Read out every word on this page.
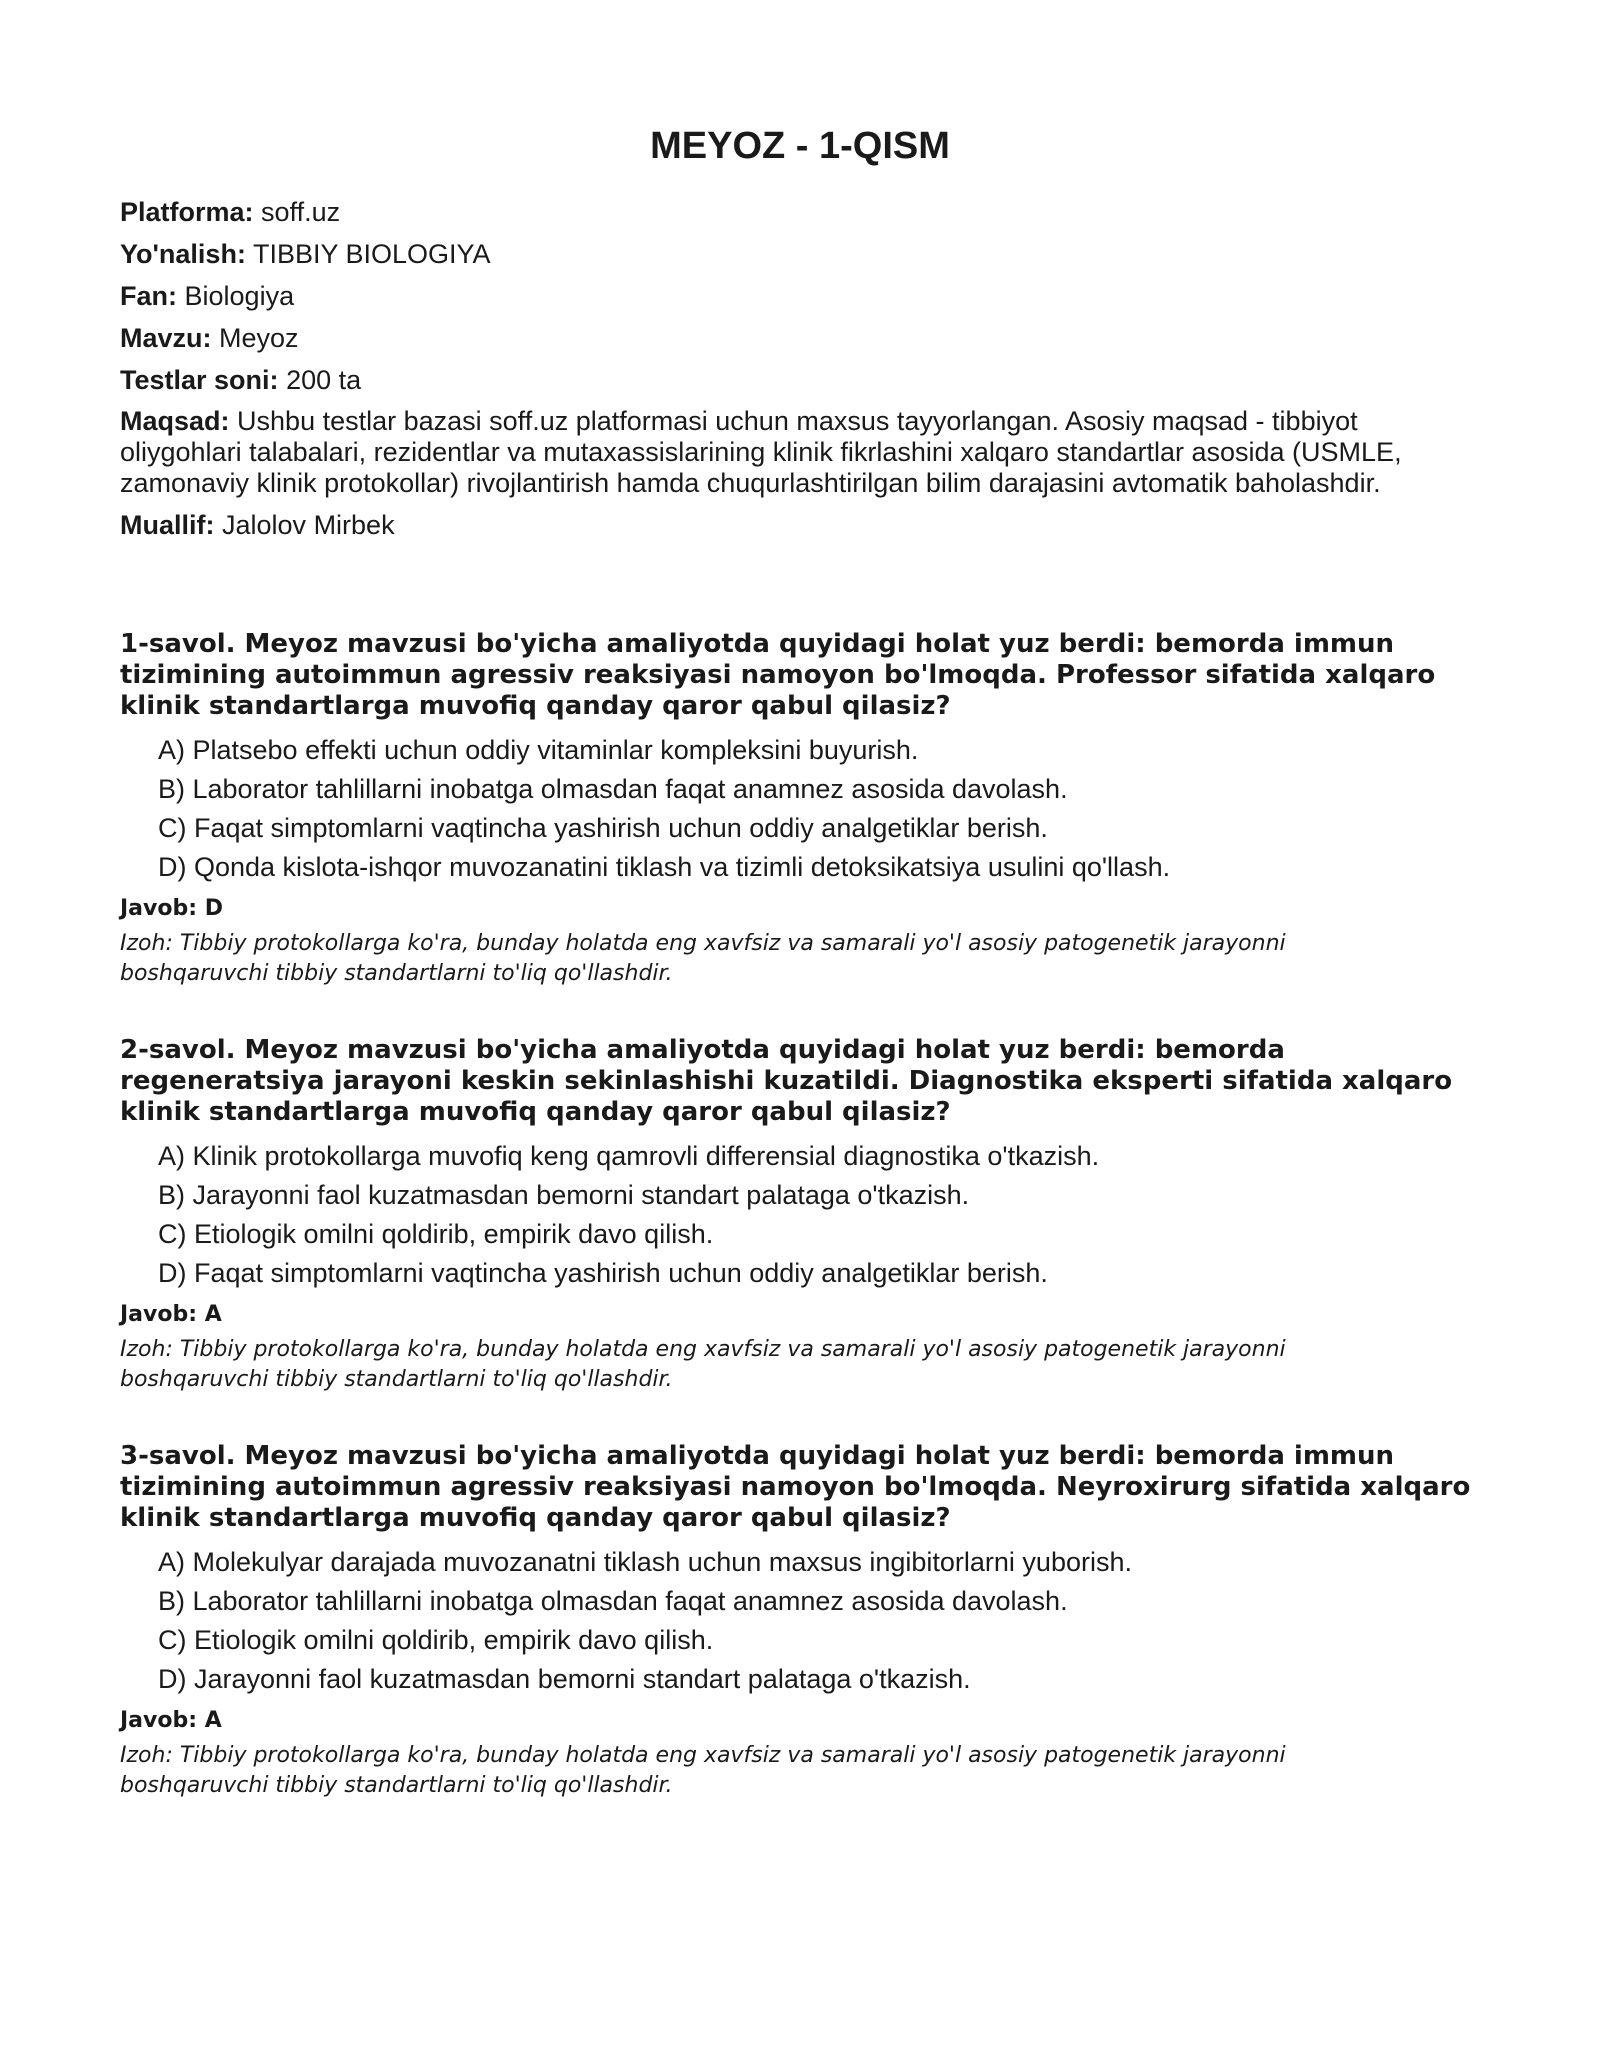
MEYOZ - 1-QISM

Platforma: soff.uz

Yo'nalish: TIBBIY BIOLOGIYA

Fan: Biologiya

Mavzu: Meyoz

Testlar soni: 200 ta

Maqsad: Ushbu testlar bazasi soff.uz platformasi uchun maxsus tayyorlangan. Asosiy maqsad - tibbiyot oliygohlari talabalari, rezidentlar va mutaxassislarining klinik fikrlashini xalqaro standartlar asosida (USMLE, zamonaviy klinik protokollar) rivojlantirish hamda chuqurlashtirilgan bilim darajasini avtomatik baholashdir.

Muallif: Jalolov Mirbek

1-savol. Meyoz mavzusi bo'yicha amaliyotda quyidagi holat yuz berdi: bemorda immun tizimining autoimmun agressiv reaksiyasi namoyon bo'lmoqda. Professor sifatida xalqaro klinik standartlarga muvofiq qanday qaror qabul qilasiz?

A) Platsebo effekti uchun oddiy vitaminlar kompleksini buyurish.
B) Laborator tahlillarni inobatga olmasdan faqat anamnez asosida davolash.
C) Faqat simptomlarni vaqtincha yashirish uchun oddiy analgetiklar berish.
D) Qonda kislota-ishqor muvozanatini tiklash va tizimli detoksikatsiya usulini qo'llash.

Javob: D

Izoh: Tibbiy protokollarga ko'ra, bunday holatda eng xavfsiz va samarali yo'l asosiy patogenetik jarayonni boshqaruvchi tibbiy standartlarni to'liq qo'llashdir.

2-savol. Meyoz mavzusi bo'yicha amaliyotda quyidagi holat yuz berdi: bemorda regeneratsiya jarayoni keskin sekinlashishi kuzatildi. Diagnostika eksperti sifatida xalqaro klinik standartlarga muvofiq qanday qaror qabul qilasiz?

A) Klinik protokollarga muvofiq keng qamrovli differensial diagnostika o'tkazish.
B) Jarayonni faol kuzatmasdan bemorni standart palataga o'tkazish.
C) Etiologik omilni qoldirib, empirik davo qilish.
D) Faqat simptomlarni vaqtincha yashirish uchun oddiy analgetiklar berish.

Javob: A

Izoh: Tibbiy protokollarga ko'ra, bunday holatda eng xavfsiz va samarali yo'l asosiy patogenetik jarayonni boshqaruvchi tibbiy standartlarni to'liq qo'llashdir.

3-savol. Meyoz mavzusi bo'yicha amaliyotda quyidagi holat yuz berdi: bemorda immun tizimining autoimmun agressiv reaksiyasi namoyon bo'lmoqda. Neyroxirurg sifatida xalqaro klinik standartlarga muvofiq qanday qaror qabul qilasiz?

A) Molekulyar darajada muvozanatni tiklash uchun maxsus ingibitorlarni yuborish.
B) Laborator tahlillarni inobatga olmasdan faqat anamnez asosida davolash.
C) Etiologik omilni qoldirib, empirik davo qilish.
D) Jarayonni faol kuzatmasdan bemorni standart palataga o'tkazish.

Javob: A

Izoh: Tibbiy protokollarga ko'ra, bunday holatda eng xavfsiz va samarali yo'l asosiy patogenetik jarayonni boshqaruvchi tibbiy standartlarni to'liq qo'llashdir.
